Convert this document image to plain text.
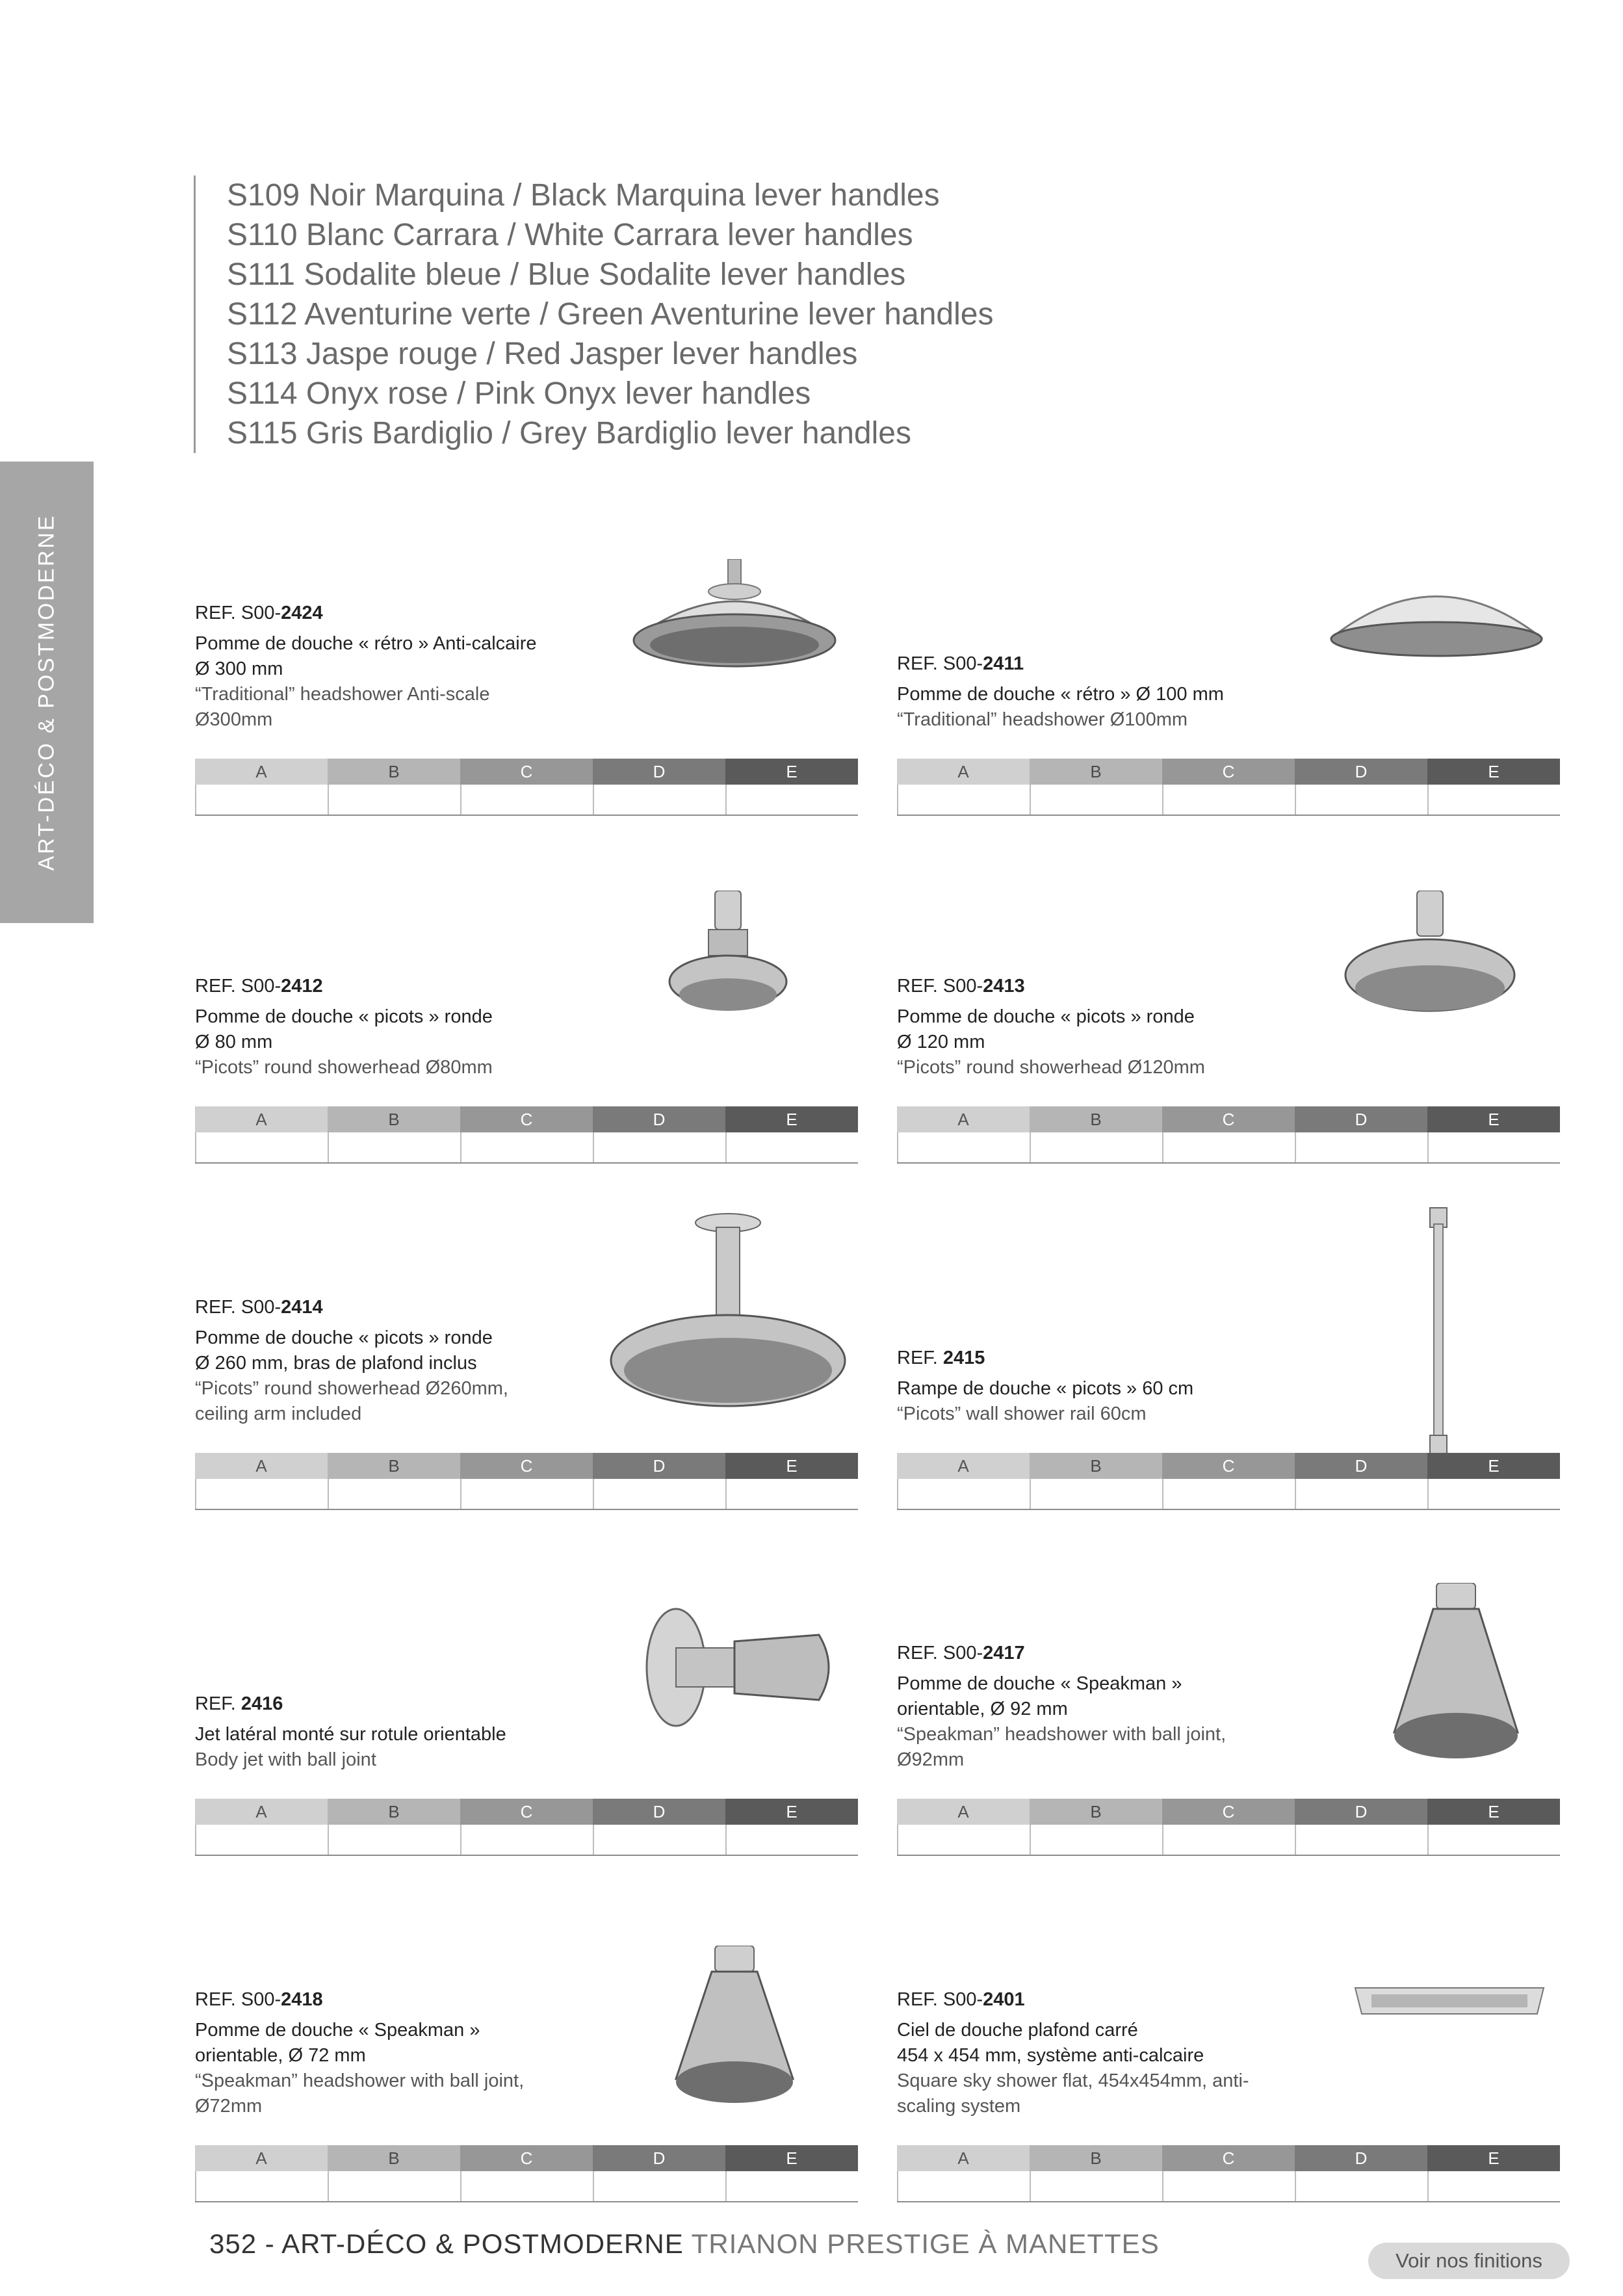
ART-DÉCO & POSTMODERNE
S109 Noir Marquina / Black Marquina lever handles
S110 Blanc Carrara / White Carrara lever handles
S111 Sodalite bleue / Blue Sodalite lever handles
S112 Aventurine verte / Green Aventurine lever handles
S113 Jaspe rouge / Red Jasper lever handles
S114 Onyx rose / Pink Onyx lever handles
S115 Gris Bardiglio / Grey Bardiglio lever handles
REF. S00-2424
Pomme de douche « rétro » Anti-calcaire
Ø 300 mm
“Traditional” headshower Anti-scale
Ø300mm
A	B	C	D	E
REF. S00-2411
Pomme de douche « rétro » Ø 100 mm
“Traditional” headshower Ø100mm
A	B	C	D	E
REF. S00-2412
Pomme de douche « picots » ronde
Ø 80 mm
“Picots” round showerhead Ø80mm
A	B	C	D	E
REF. S00-2413
Pomme de douche « picots » ronde
Ø 120 mm
“Picots” round showerhead Ø120mm
A	B	C	D	E
REF. S00-2414
Pomme de douche « picots » ronde
Ø 260 mm, bras de plafond inclus
“Picots” round showerhead Ø260mm,
ceiling arm included
A	B	C	D	E
REF. 2415
Rampe de douche « picots » 60 cm
“Picots” wall shower rail 60cm
A	B	C	D	E
REF. 2416
Jet latéral monté sur rotule orientable
Body jet with ball joint
A	B	C	D	E
REF. S00-2417
Pomme de douche « Speakman »
orientable, Ø 92 mm
“Speakman” headshower with ball joint,
Ø92mm
A	B	C	D	E
REF. S00-2418
Pomme de douche « Speakman »
orientable, Ø 72 mm
“Speakman” headshower with ball joint,
Ø72mm
A	B	C	D	E
REF. S00-2401
Ciel de douche plafond carré
454 x 454 mm, système anti-calcaire
Square sky shower flat, 454x454mm, anti-
scaling system
A	B	C	D	E
352 - ART-DÉCO & POSTMODERNE TRIANON PRESTIGE À MANETTES
Voir nos finitions
